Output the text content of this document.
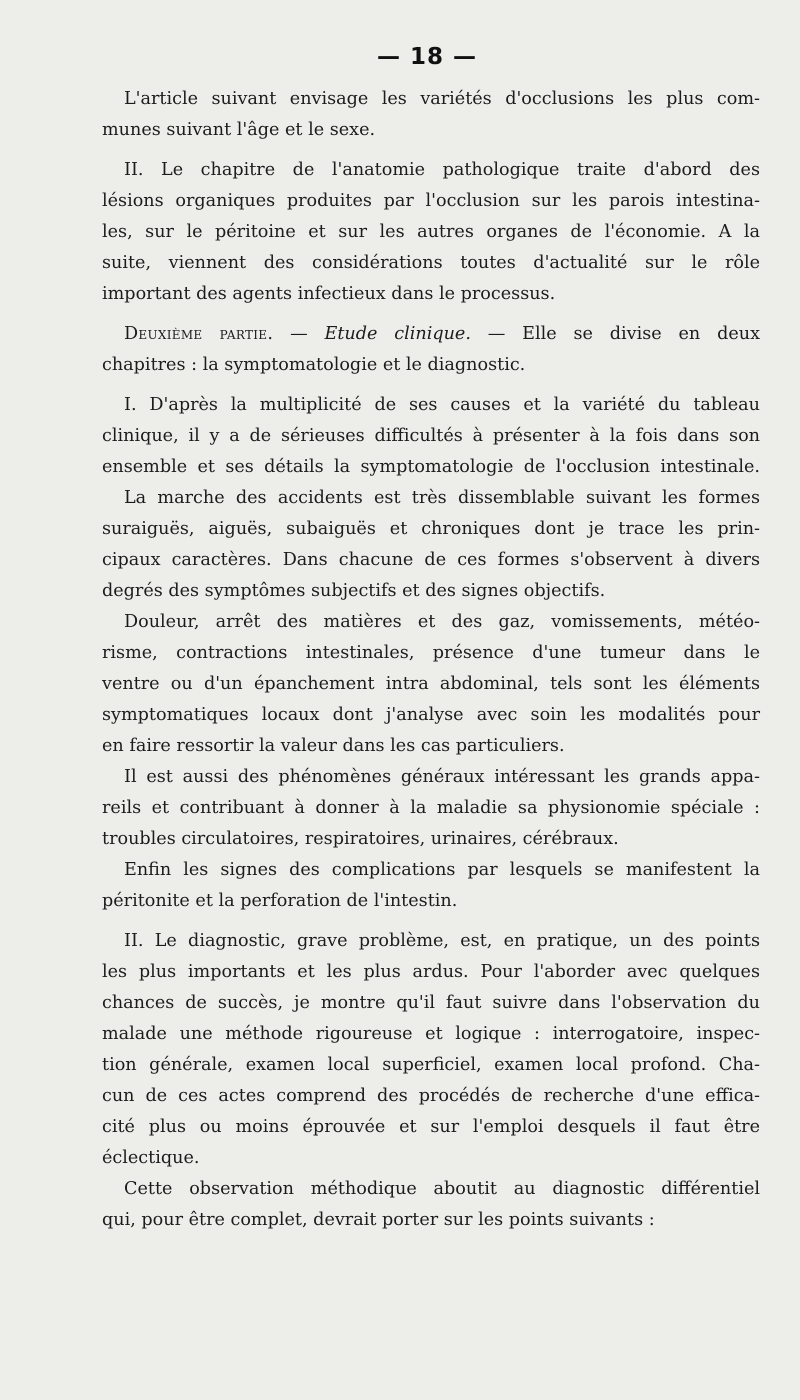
— 18 —
L'article suivant envisage les variétés d'occlusions les plus com-
munes suivant l'âge et le sexe.
II. Le chapitre de l'anatomie pathologique traite d'abord des
lésions organiques produites par l'occlusion sur les parois intestina-
les, sur le péritoine et sur les autres organes de l'économie. A la
suite, viennent des considérations toutes d'actualité sur le rôle
important des agents infectieux dans le processus.
Deuxième partie. — Etude clinique. — Elle se divise en deux
chapitres : la symptomatologie et le diagnostic.
I. D'après la multiplicité de ses causes et la variété du tableau
clinique, il y a de sérieuses difficultés à présenter à la fois dans son
ensemble et ses détails la symptomatologie de l'occlusion intestinale.
La marche des accidents est très dissemblable suivant les formes
suraiguës, aiguës, subaiguës et chroniques dont je trace les prin-
cipaux caractères. Dans chacune de ces formes s'observent à divers
degrés des symptômes subjectifs et des signes objectifs.
Douleur, arrêt des matières et des gaz, vomissements, météo-
risme, contractions intestinales, présence d'une tumeur dans le
ventre ou d'un épanchement intra abdominal, tels sont les éléments
symptomatiques locaux dont j'analyse avec soin les modalités pour
en faire ressortir la valeur dans les cas particuliers.
Il est aussi des phénomènes généraux intéressant les grands appa-
reils et contribuant à donner à la maladie sa physionomie spéciale :
troubles circulatoires, respiratoires, urinaires, cérébraux.
Enfin les signes des complications par lesquels se manifestent la
péritonite et la perforation de l'intestin.
II. Le diagnostic, grave problème, est, en pratique, un des points
les plus importants et les plus ardus. Pour l'aborder avec quelques
chances de succès, je montre qu'il faut suivre dans l'observation du
malade une méthode rigoureuse et logique : interrogatoire, inspec-
tion générale, examen local superficiel, examen local profond. Cha-
cun de ces actes comprend des procédés de recherche d'une effica-
cité plus ou moins éprouvée et sur l'emploi desquels il faut être
éclectique.
Cette observation méthodique aboutit au diagnostic différentiel
qui, pour être complet, devrait porter sur les points suivants :
